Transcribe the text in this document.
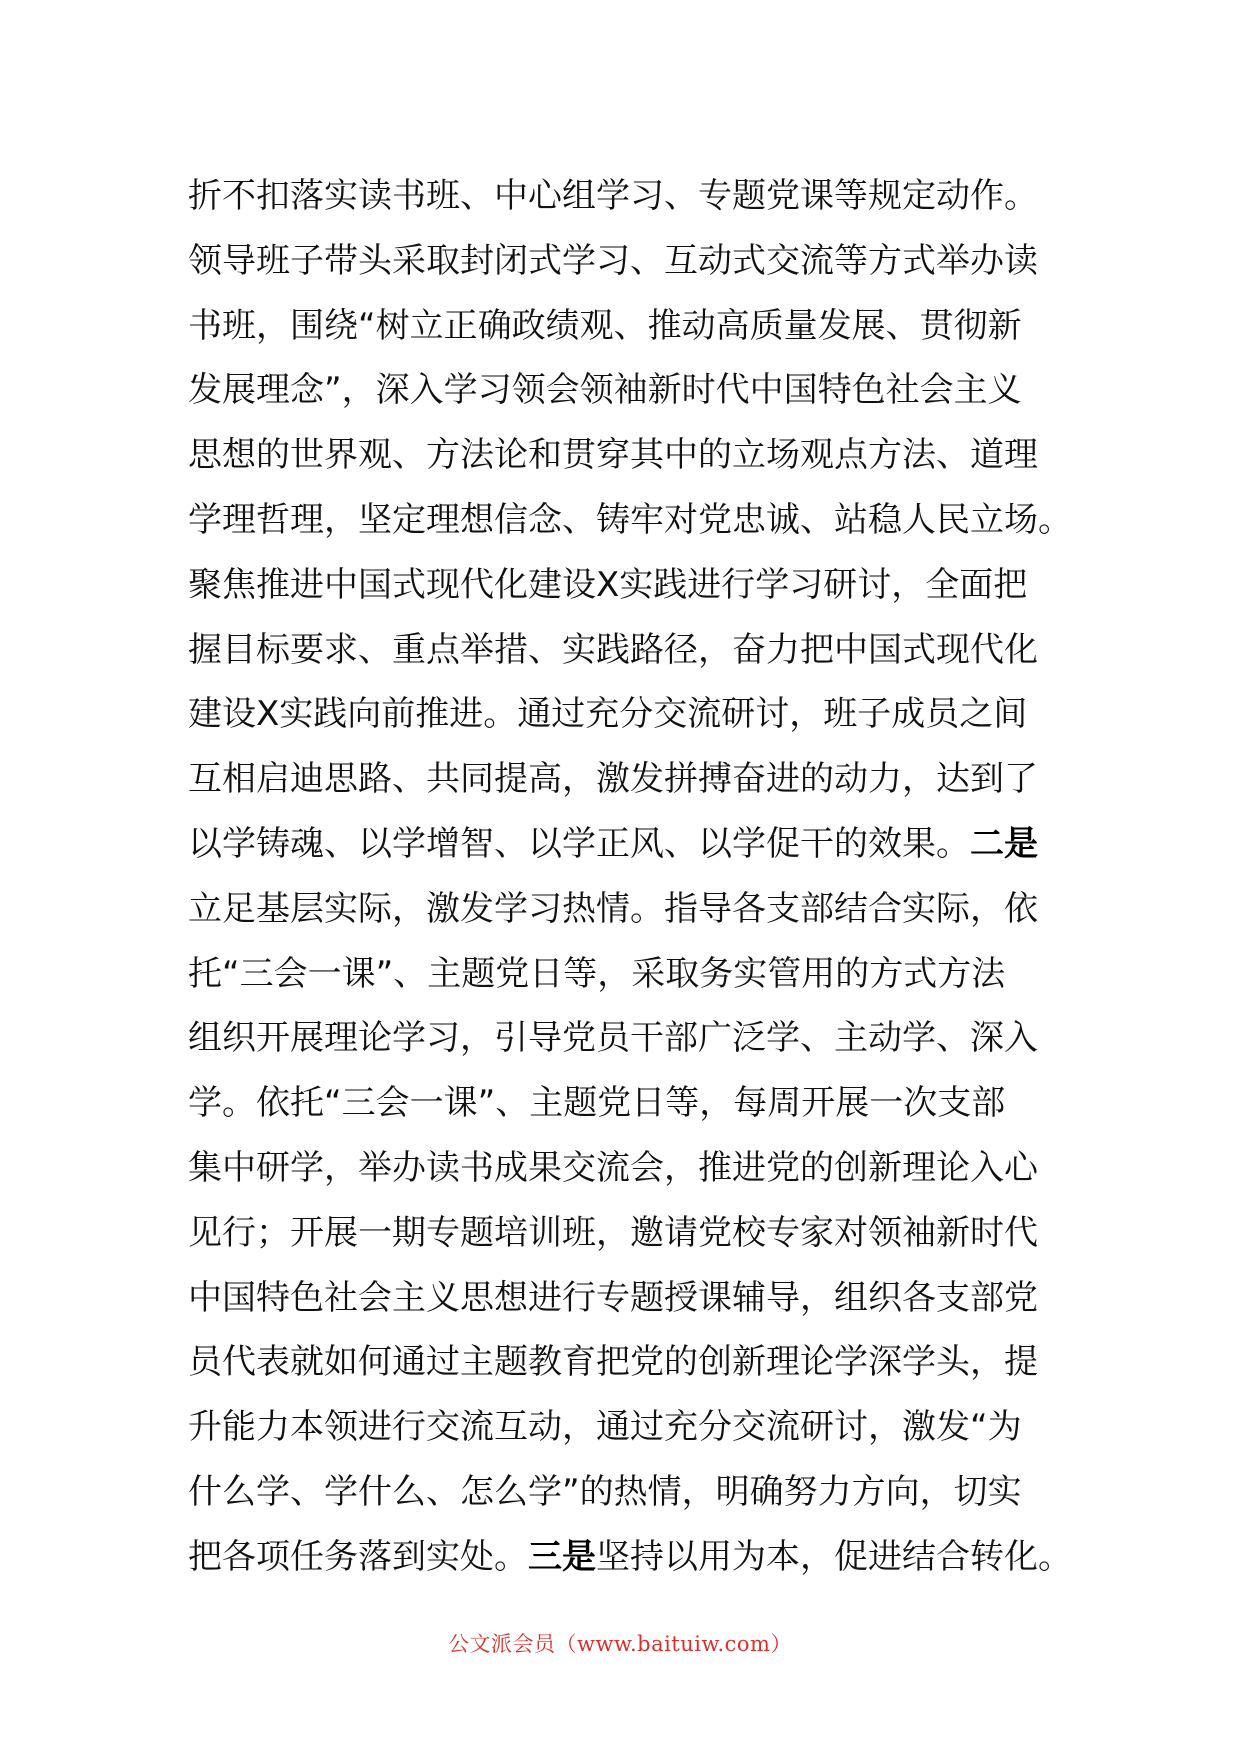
折不扣落实读书班、中心组学习、专题党课等规定动作。
领导班子带头采取封闭式学习、互动式交流等方式举办读
书班，围绕“树立正确政绩观、推动高质量发展、贯彻新
发展理念”，深入学习领会领袖新时代中国特色社会主义
思想的世界观、方法论和贯穿其中的立场观点方法、道理
学理哲理，坚定理想信念、铸牢对党忠诚、站稳人民立场。
聚焦推进中国式现代化建设X实践进行学习研讨，全面把
握目标要求、重点举措、实践路径，奋力把中国式现代化
建设X实践向前推进。通过充分交流研讨，班子成员之间
互相启迪思路、共同提高，激发拼搏奋进的动力，达到了
以学铸魂、以学增智、以学正风、以学促干的效果。二是
立足基层实际，激发学习热情。指导各支部结合实际，依
托“三会一课”、主题党日等，采取务实管用的方式方法
组织开展理论学习，引导党员干部广泛学、主动学、深入
学。依托“三会一课”、主题党日等，每周开展一次支部
集中研学，举办读书成果交流会，推进党的创新理论入心
见行；开展一期专题培训班，邀请党校专家对领袖新时代
中国特色社会主义思想进行专题授课辅导，组织各支部党
员代表就如何通过主题教育把党的创新理论学深学头，提
升能力本领进行交流互动，通过充分交流研讨，激发“为
什么学、学什么、怎么学”的热情，明确努力方向，切实
把各项任务落到实处。三是坚持以用为本，促进结合转化。
公文派会员（www.baituiw.com）
